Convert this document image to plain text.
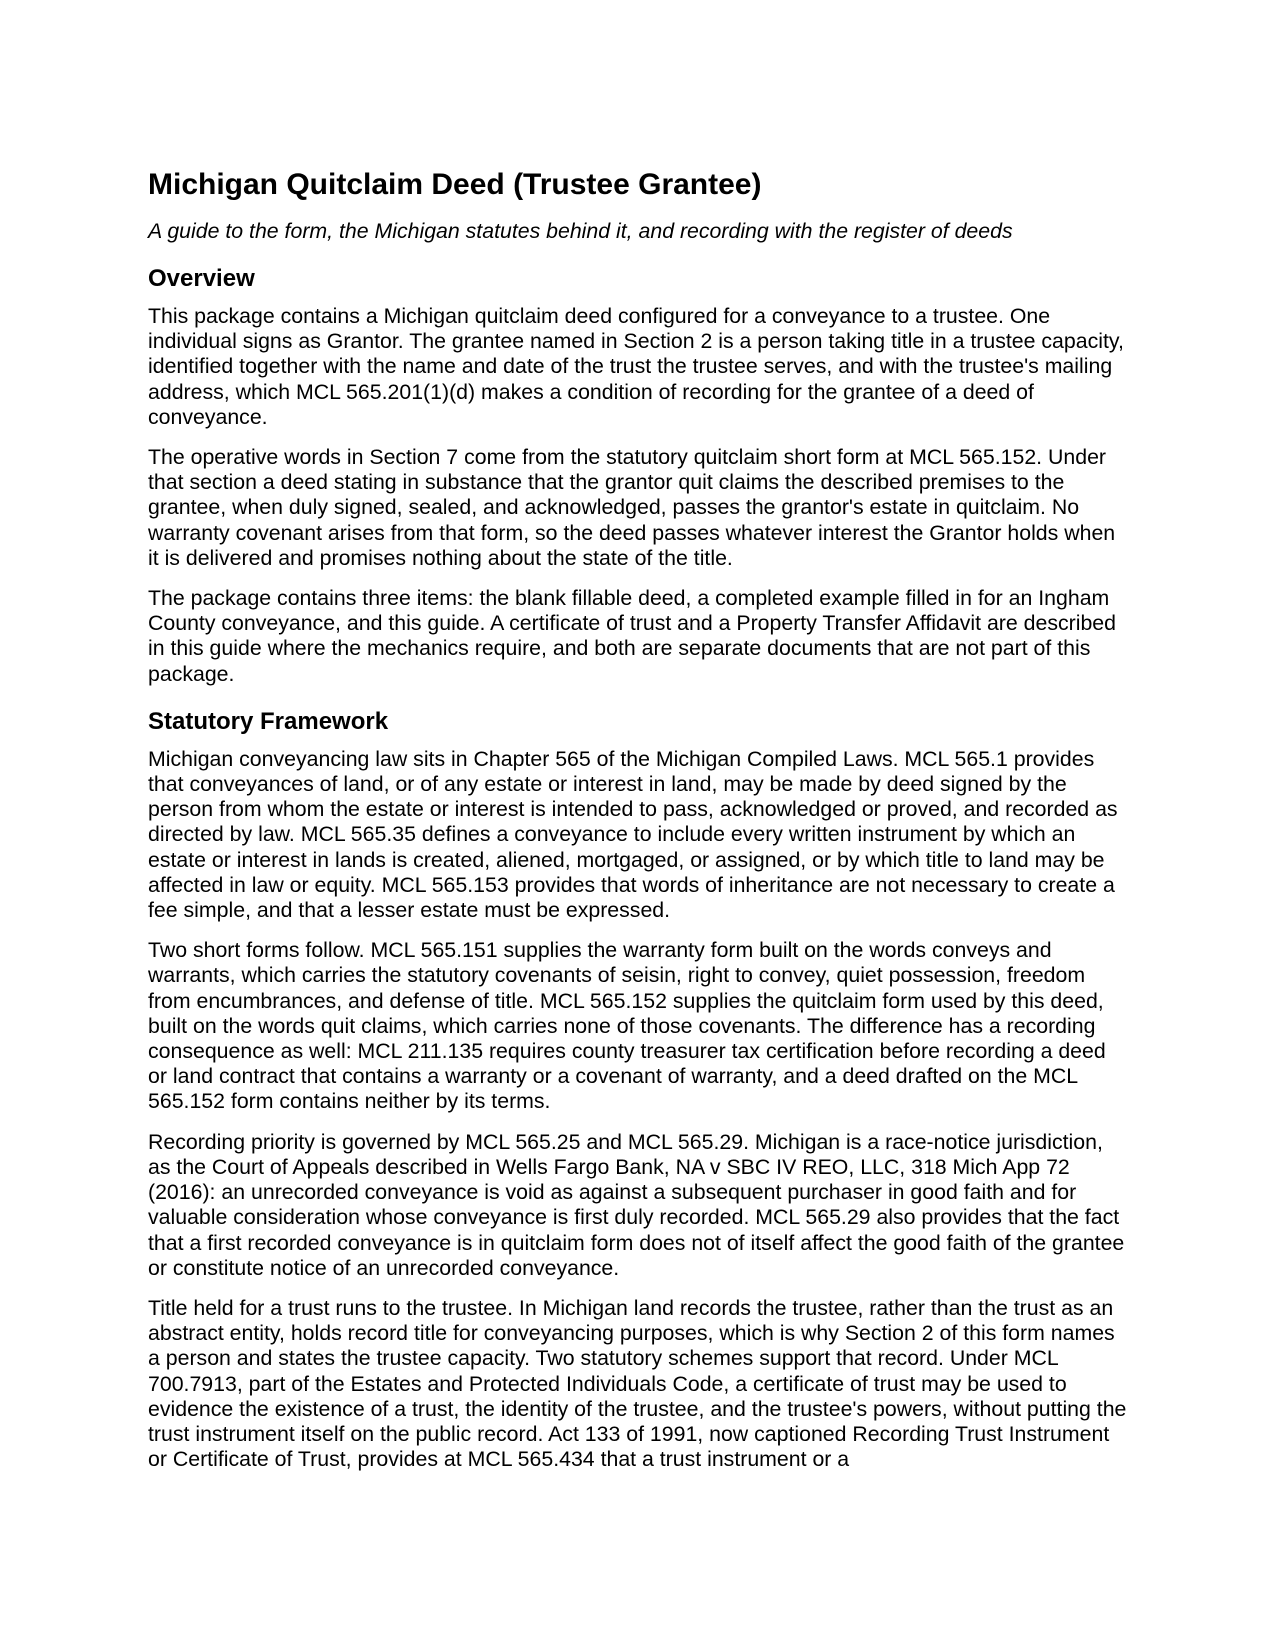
Michigan Quitclaim Deed (Trustee Grantee)
A guide to the form, the Michigan statutes behind it, and recording with the register of deeds
Overview

This package contains a Michigan quitclaim deed configured for a conveyance to a trustee. One individual signs as Grantor. The grantee named in Section 2 is a person taking title in a trustee capacity, identified together with the name and date of the trust the trustee serves, and with the trustee's mailing address, which MCL 565.201(1)(d) makes a condition of recording for the grantee of a deed of conveyance.

The operative words in Section 7 come from the statutory quitclaim short form at MCL 565.152. Under that section a deed stating in substance that the grantor quit claims the described premises to the grantee, when duly signed, sealed, and acknowledged, passes the grantor's estate in quitclaim. No warranty covenant arises from that form, so the deed passes whatever interest the Grantor holds when it is delivered and promises nothing about the state of the title.

The package contains three items: the blank fillable deed, a completed example filled in for an Ingham County conveyance, and this guide. A certificate of trust and a Property Transfer Affidavit are described in this guide where the mechanics require, and both are separate documents that are not part of this package.

Statutory Framework

Michigan conveyancing law sits in Chapter 565 of the Michigan Compiled Laws. MCL 565.1 provides that conveyances of land, or of any estate or interest in land, may be made by deed signed by the person from whom the estate or interest is intended to pass, acknowledged or proved, and recorded as directed by law. MCL 565.35 defines a conveyance to include every written instrument by which an estate or interest in lands is created, aliened, mortgaged, or assigned, or by which title to land may be affected in law or equity. MCL 565.153 provides that words of inheritance are not necessary to create a fee simple, and that a lesser estate must be expressed.

Two short forms follow. MCL 565.151 supplies the warranty form built on the words conveys and warrants, which carries the statutory covenants of seisin, right to convey, quiet possession, freedom from encumbrances, and defense of title. MCL 565.152 supplies the quitclaim form used by this deed, built on the words quit claims, which carries none of those covenants. The difference has a recording consequence as well: MCL 211.135 requires county treasurer tax certification before recording a deed or land contract that contains a warranty or a covenant of warranty, and a deed drafted on the MCL 565.152 form contains neither by its terms.

Recording priority is governed by MCL 565.25 and MCL 565.29. Michigan is a race-notice jurisdiction, as the Court of Appeals described in Wells Fargo Bank, NA v SBC IV REO, LLC, 318 Mich App 72 (2016): an unrecorded conveyance is void as against a subsequent purchaser in good faith and for valuable consideration whose conveyance is first duly recorded. MCL 565.29 also provides that the fact that a first recorded conveyance is in quitclaim form does not of itself affect the good faith of the grantee or constitute notice of an unrecorded conveyance.

Title held for a trust runs to the trustee. In Michigan land records the trustee, rather than the trust as an abstract entity, holds record title for conveyancing purposes, which is why Section 2 of this form names a person and states the trustee capacity. Two statutory schemes support that record. Under MCL 700.7913, part of the Estates and Protected Individuals Code, a certificate of trust may be used to evidence the existence of a trust, the identity of the trustee, and the trustee's powers, without putting the trust instrument itself on the public record. Act 133 of 1991, now captioned Recording Trust Instrument or Certificate of Trust, provides at MCL 565.434 that a trust instrument or a
